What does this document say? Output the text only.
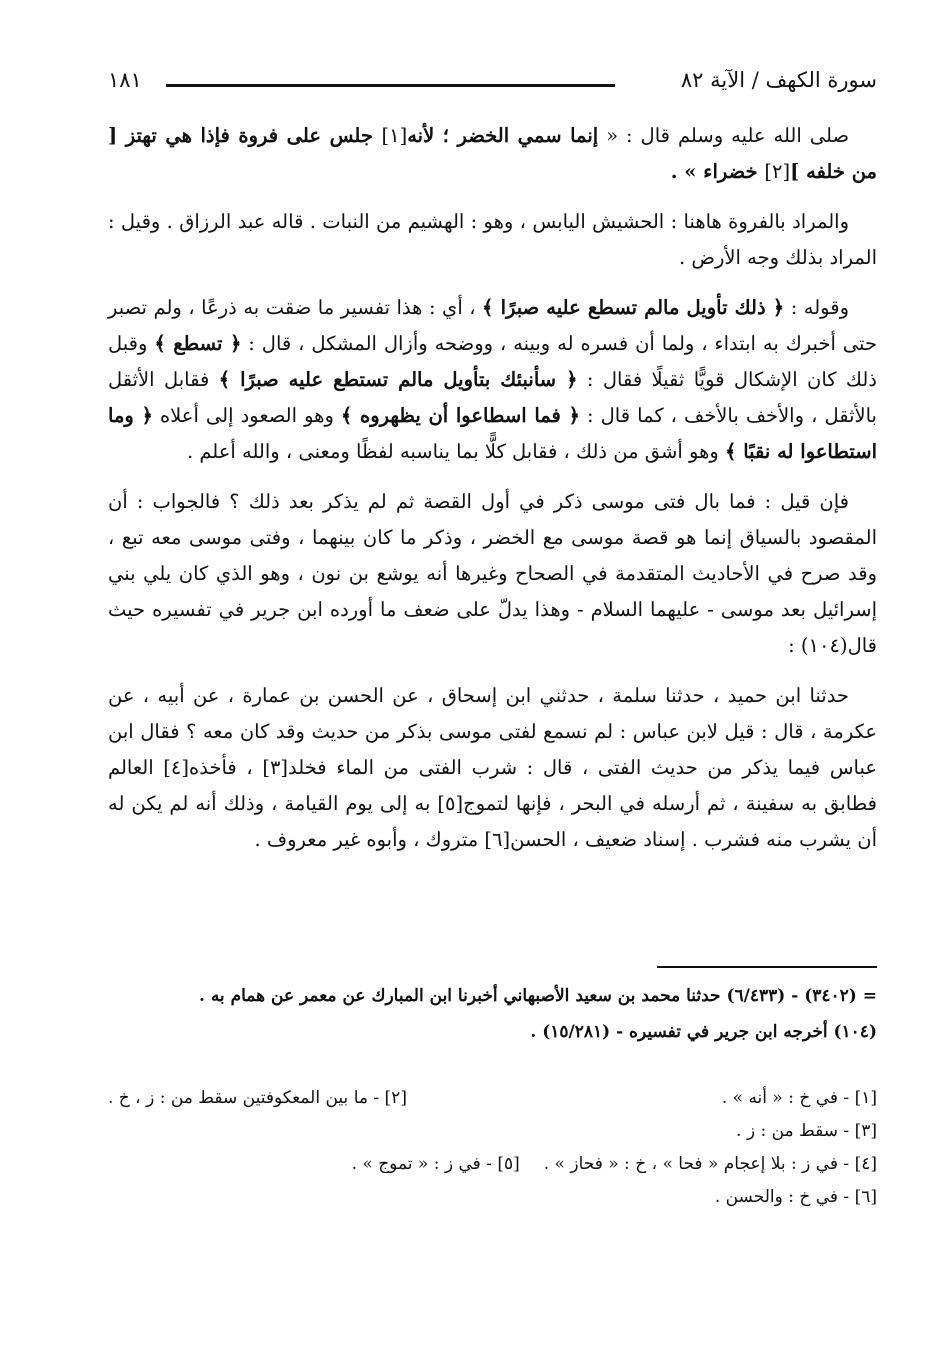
سورة الكهف / الآية ٨٢
١٨١

صلى الله عليه وسلم قال : « إنما سمي الخضر ؛ لأنه[١] جلس على فروة فإذا هي تهتز [ من خلفه ][٢] خضراء » .

والمراد بالفروة هاهنا : الحشيش اليابس ، وهو : الهشيم من النبات . قاله عبد الرزاق . وقيل : المراد بذلك وجه الأرض .

وقوله : ﴿ ذلك تأويل مالم تسطع عليه صبرًا ﴾ ، أي : هذا تفسير ما ضقت به ذرعًا ، ولم تصبر حتى أخبرك به ابتداء ، ولما أن فسره له وبينه ، ووضحه وأزال المشكل ، قال : ﴿ تسطع ﴾ وقبل ذلك كان الإشكال قويًّا ثقيلًا فقال : ﴿ سأنبئك بتأويل مالم تستطع عليه صبرًا ﴾ فقابل الأثقل بالأثقل ، والأخف بالأخف ، كما قال : ﴿ فما اسطاعوا أن يظهروه ﴾ وهو الصعود إلى أعلاه ﴿ وما استطاعوا له نقبًا ﴾ وهو أشق من ذلك ، فقابل كلًّا بما يناسبه لفظًا ومعنى ، والله أعلم .

فإن قيل : فما بال فتى موسى ذكر في أول القصة ثم لم يذكر بعد ذلك ؟ فالجواب : أن المقصود بالسياق إنما هو قصة موسى مع الخضر ، وذكر ما كان بينهما ، وفتى موسى معه تبع ، وقد صرح في الأحاديث المتقدمة في الصحاح وغيرها أنه يوشع بن نون ، وهو الذي كان يلي بني إسرائيل بعد موسى - عليهما السلام - وهذا يدلّ على ضعف ما أورده ابن جرير في تفسيره حيث قال(١٠٤) :

حدثنا ابن حميد ، حدثنا سلمة ، حدثني ابن إسحاق ، عن الحسن بن عمارة ، عن أبيه ، عن عكرمة ، قال : قيل لابن عباس : لم نسمع لفتى موسى بذكر من حديث وقد كان معه ؟ فقال ابن عباس فيما يذكر من حديث الفتى ، قال : شرب الفتى من الماء فخلد[٣] ، فأخذه[٤] العالم فطابق به سفينة ، ثم أرسله في البحر ، فإنها لتموج[٥] به إلى يوم القيامة ، وذلك أنه لم يكن له أن يشرب منه فشرب . إسناد ضعيف ، الحسن[٦] متروك ، وأبوه غير معروف .

= (٣٤٠٢) - (٦/٤٣٣) حدثنا محمد بن سعيد الأصبهاني أخبرنا ابن المبارك عن معمر عن همام به .

(١٠٤) أخرجه ابن جرير في تفسيره - (١٥/٢٨١) .

[١] - في خ : « أنه » .
[٢] - ما بين المعكوفتين سقط من : ز ، خ .

[٣] - سقط من : ز .

[٤] - في ز : بلا إعجام « فحا » ، خ : « فحاز » .
[٥] - في ز : « تموج » .

[٦] - في خ : والحسن .
